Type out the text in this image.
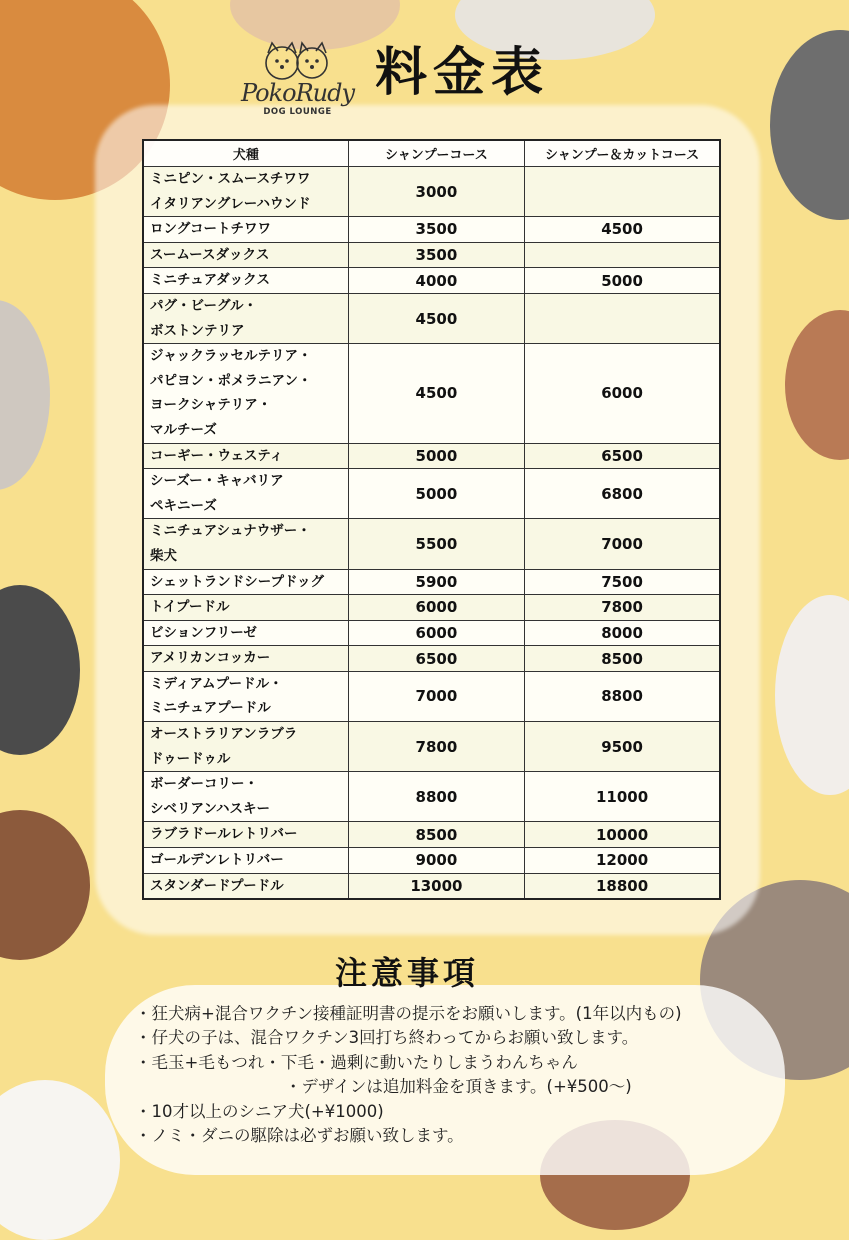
PokoRudy
DOG LOUNGE
料金表
犬種	シャンプーコース	シャンプー＆カットコース

ミニピン・スムースチワワ
イタリアングレーハウンド	3000	

ロングコートチワワ	3500	4500

スームースダックス	3500	

ミニチュアダックス	4000	5000

パグ・ビーグル・
ボストンテリア	4500	

ジャックラッセルテリア・
パピヨン・ポメラニアン・
ヨークシャテリア・
マルチーズ	4500	6000

コーギー・ウェスティ	5000	6500

シーズー・キャバリア
ペキニーズ	5000	6800

ミニチュアシュナウザー・
柴犬	5500	7000

シェットランドシープドッグ	5900	7500

トイプードル	6000	7800

ビションフリーゼ	6000	8000

アメリカンコッカー	6500	8500

ミディアムプードル・
ミニチュアプードル	7000	8800

オーストラリアンラブラ
ドゥードゥル	7800	9500

ボーダーコリー・
シベリアンハスキー	8800	11000

ラブラドールレトリバー	8500	10000

ゴールデンレトリバー	9000	12000

スタンダードプードル	13000	18800
注意事項
・狂犬病+混合ワクチン接種証明書の提示をお願いします。(1年以内もの)
・仔犬の子は、混合ワクチン3回打ち終わってからお願い致します。
・毛玉+毛もつれ・下毛・過剰に動いたりしまうわんちゃん
・デザインは追加料金を頂きます。(+¥500〜)
・10才以上のシニア犬(+¥1000)
・ノミ・ダニの駆除は必ずお願い致します。
